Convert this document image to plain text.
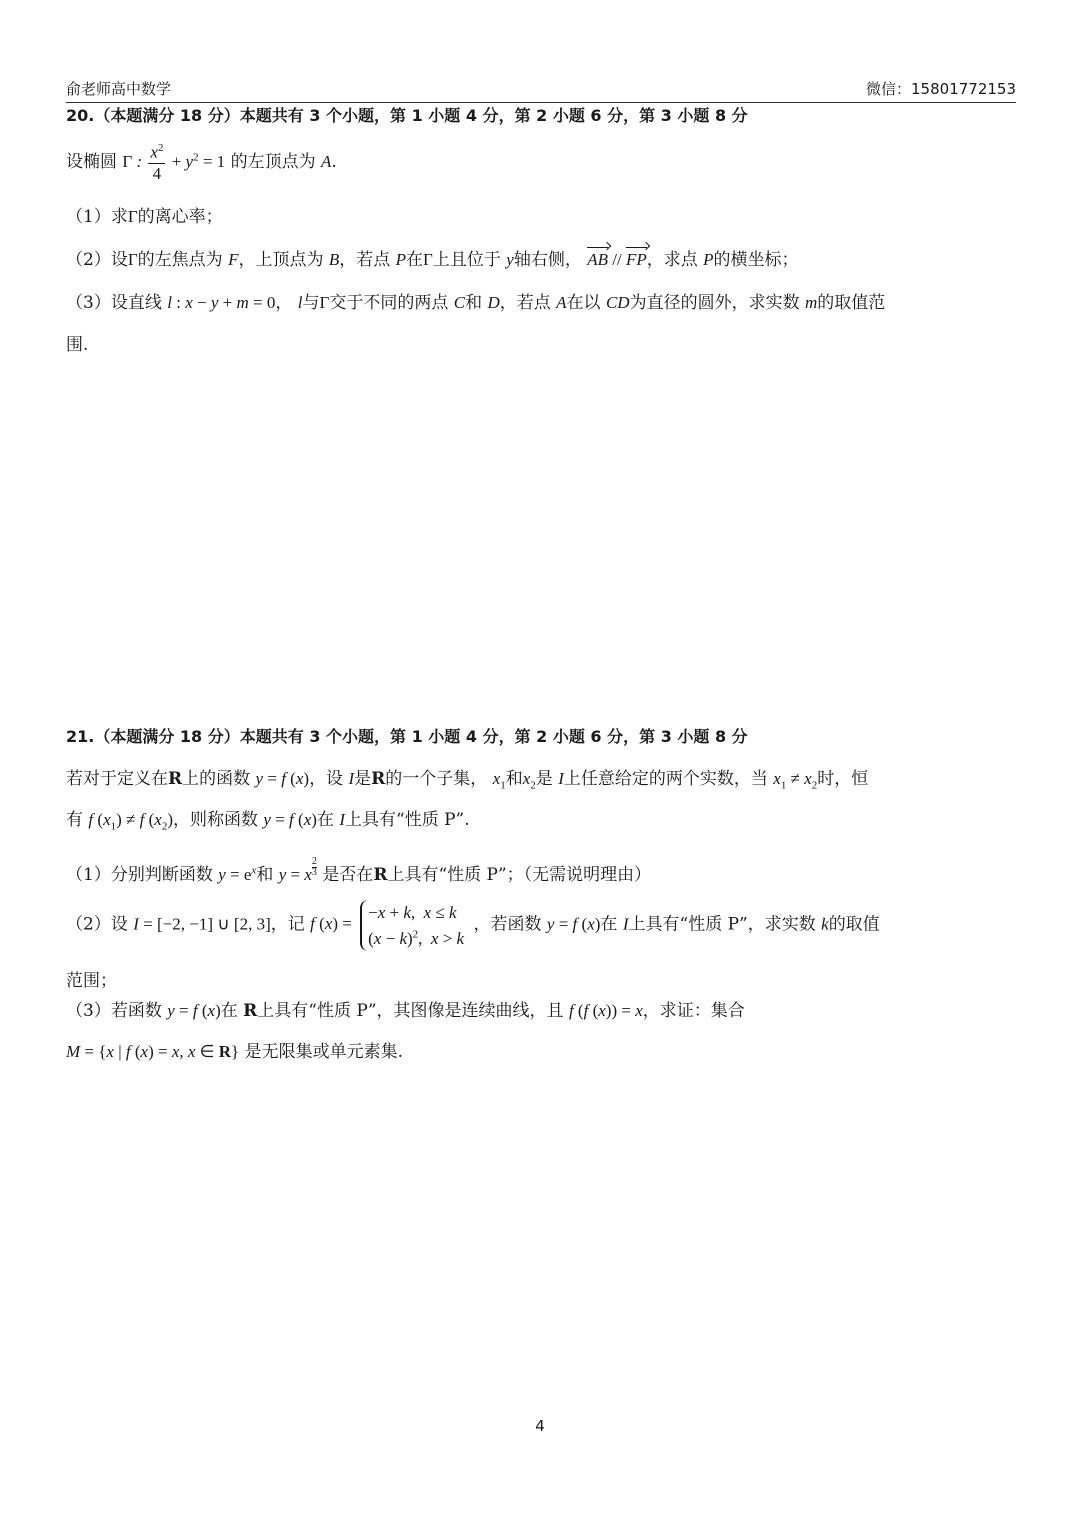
俞老师高中数学	微信：15801772153
20.（本题满分 18 分）本题共有 3 个小题，第 1 小题 4 分，第 2 小题 6 分，第 3 小题 8 分
设椭圆 Γ : $\frac{x^2}{4} + y^2 = 1$ 的左顶点为 A.
（1）求Γ的离心率；
（2）设Γ的左焦点为 F，上顶点为 B，若点 P在Γ上且位于 y轴右侧， AB // FP，求点 P的横坐标；
（3）设直线 l : x − y + m = 0， l与Γ交于不同的两点 C和 D，若点 A在以 CD为直径的圆外，求实数 m的取值范
围.
21.（本题满分 18 分）本题共有 3 个小题，第 1 小题 4 分，第 2 小题 6 分，第 3 小题 8 分
若对于定义在R上的函数 y = f (x)，设 I是R的一个子集， $x_1$和$x_2$是 I上任意给定的两个实数，当 $x_1 \ne x_2$时，恒
有 f $(x_1) \ne f$ $(x_2)$，则称函数 y = f (x)在 I上具有“性质 P”.
（1）分别判断函数 $y = e^x$和 y = x $^{\frac{2}{3}}$ 是否在R上具有“性质 P”；（无需说明理由）
（2）设 I = [−2, −1] ∪ [2, 3]，记 f (x) =
−x + k,  x ≤ k
$(x - k)^2$,  x > k
，若函数 y = f (x)在 I上具有“性质 P”，求实数 k的取值
范围；
（3）若函数 y = f (x)在 R上具有“性质 P”，其图像是连续曲线，且 f (f (x)) = x，求证：集合
M = {x | f (x) = x, x ∈ R} 是无限集或单元素集.
4
